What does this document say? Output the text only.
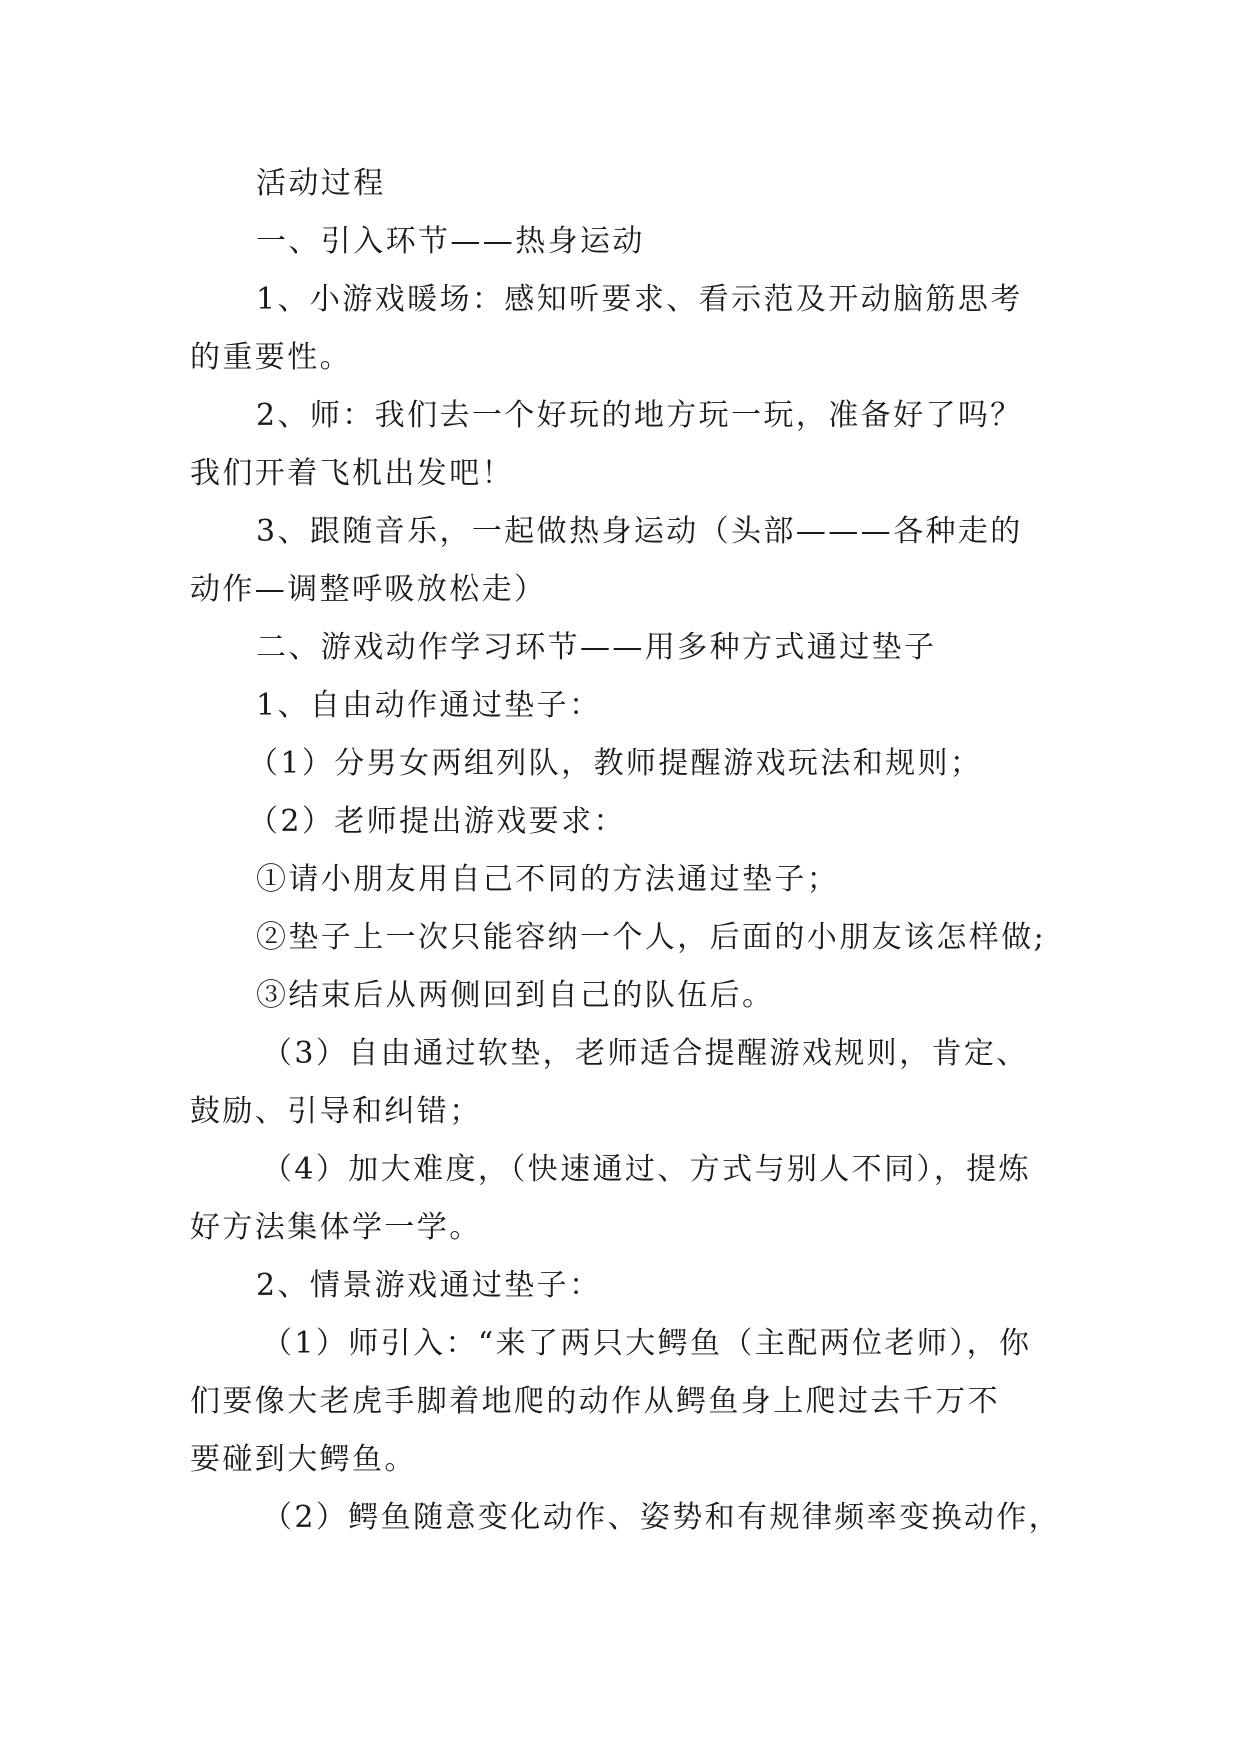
活动过程

一、引入环节——热身运动

1、小游戏暖场：感知听要求、看示范及开动脑筋思考

的重要性。

2、师：我们去一个好玩的地方玩一玩，准备好了吗？

我们开着飞机出发吧！

3、跟随音乐，一起做热身运动（头部———各种走的

动作—调整呼吸放松走）

二、游戏动作学习环节——用多种方式通过垫子

1、自由动作通过垫子：

（1）分男女两组列队，教师提醒游戏玩法和规则；

（2）老师提出游戏要求：

①请小朋友用自己不同的方法通过垫子；

②垫子上一次只能容纳一个人，后面的小朋友该怎样做;

③结束后从两侧回到自己的队伍后。

（3）自由通过软垫，老师适合提醒游戏规则，肯定、

鼓励、引导和纠错；

（4）加大难度，（快速通过、方式与别人不同），提炼

好方法集体学一学。

2、情景游戏通过垫子：

（1）师引入：“来了两只大鳄鱼（主配两位老师），你

们要像大老虎手脚着地爬的动作从鳄鱼身上爬过去千万不

要碰到大鳄鱼。

（2）鳄鱼随意变化动作、姿势和有规律频率变换动作，
